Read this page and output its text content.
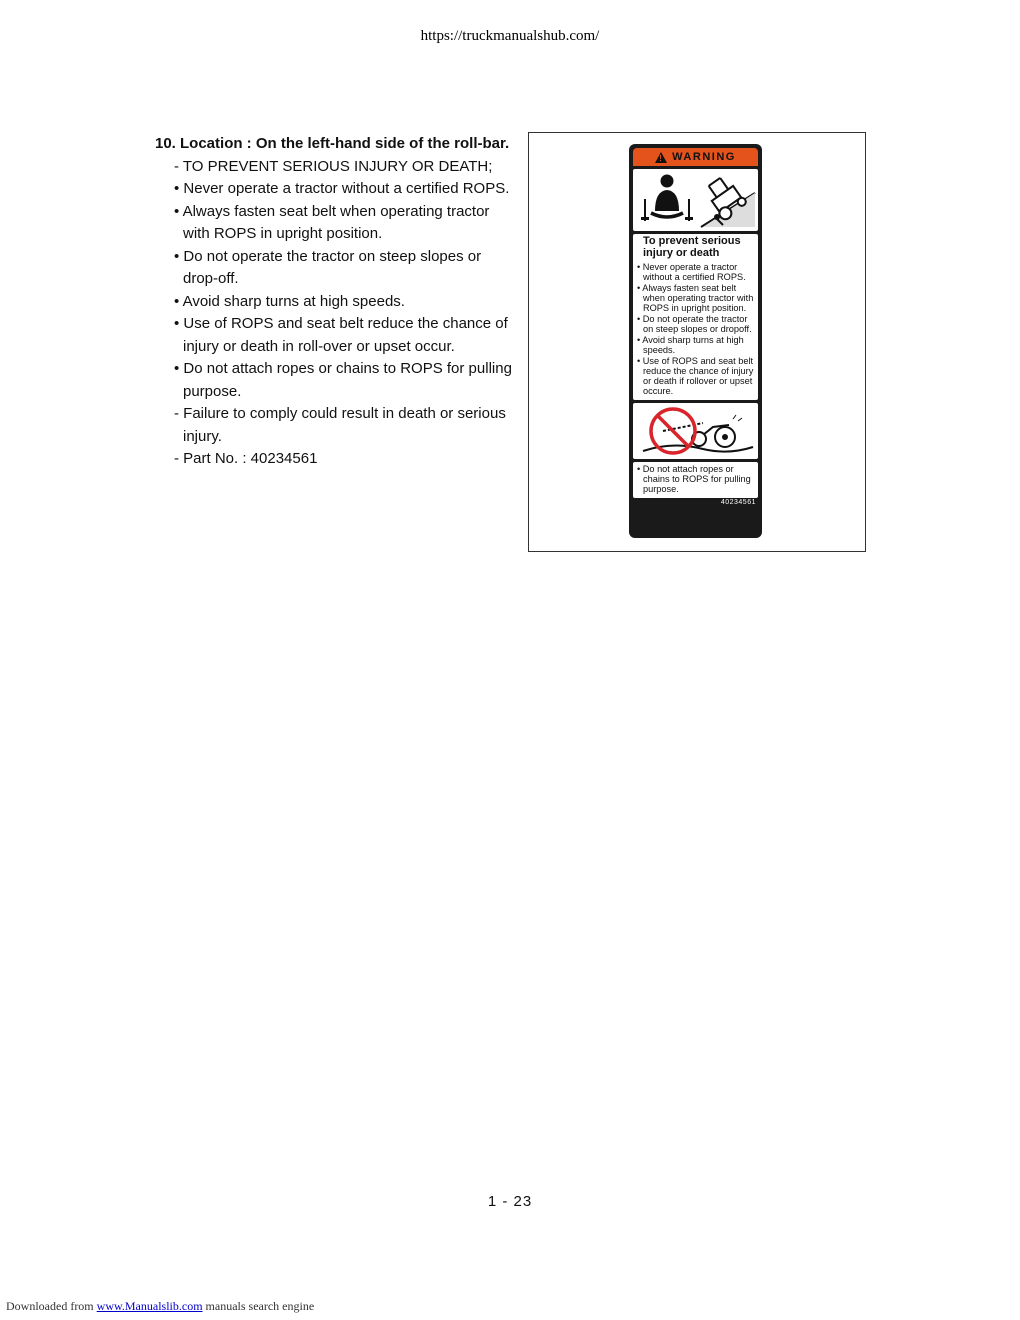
https://truckmanualshub.com/
10. Location : On the left-hand side of the roll-bar.
- TO PREVENT SERIOUS INJURY OR DEATH;
• Never operate a tractor without a certified ROPS.
• Always fasten seat belt when operating tractor with ROPS in upright position.
• Do not operate the tractor on steep slopes or drop-off.
• Avoid sharp turns at high speeds.
• Use of ROPS and seat belt reduce the chance of injury or death in roll-over or upset occur.
• Do not attach ropes or chains to ROPS for pulling purpose.
- Failure to comply could result in death or serious injury.
- Part No. : 40234561
! WARNING
To prevent serious injury or death
• Never operate a tractor without a certified ROPS.
• Always fasten seat belt when operating tractor with ROPS in upright position.
• Do not operate the tractor on steep slopes or dropoff.
• Avoid sharp turns at high speeds.
• Use of ROPS and seat belt reduce the chance of injury or death if rollover or upset occure.
• Do not attach ropes or chains to ROPS for pulling purpose.
40234561
1 - 23
Downloaded from www.Manualslib.com manuals search engine
